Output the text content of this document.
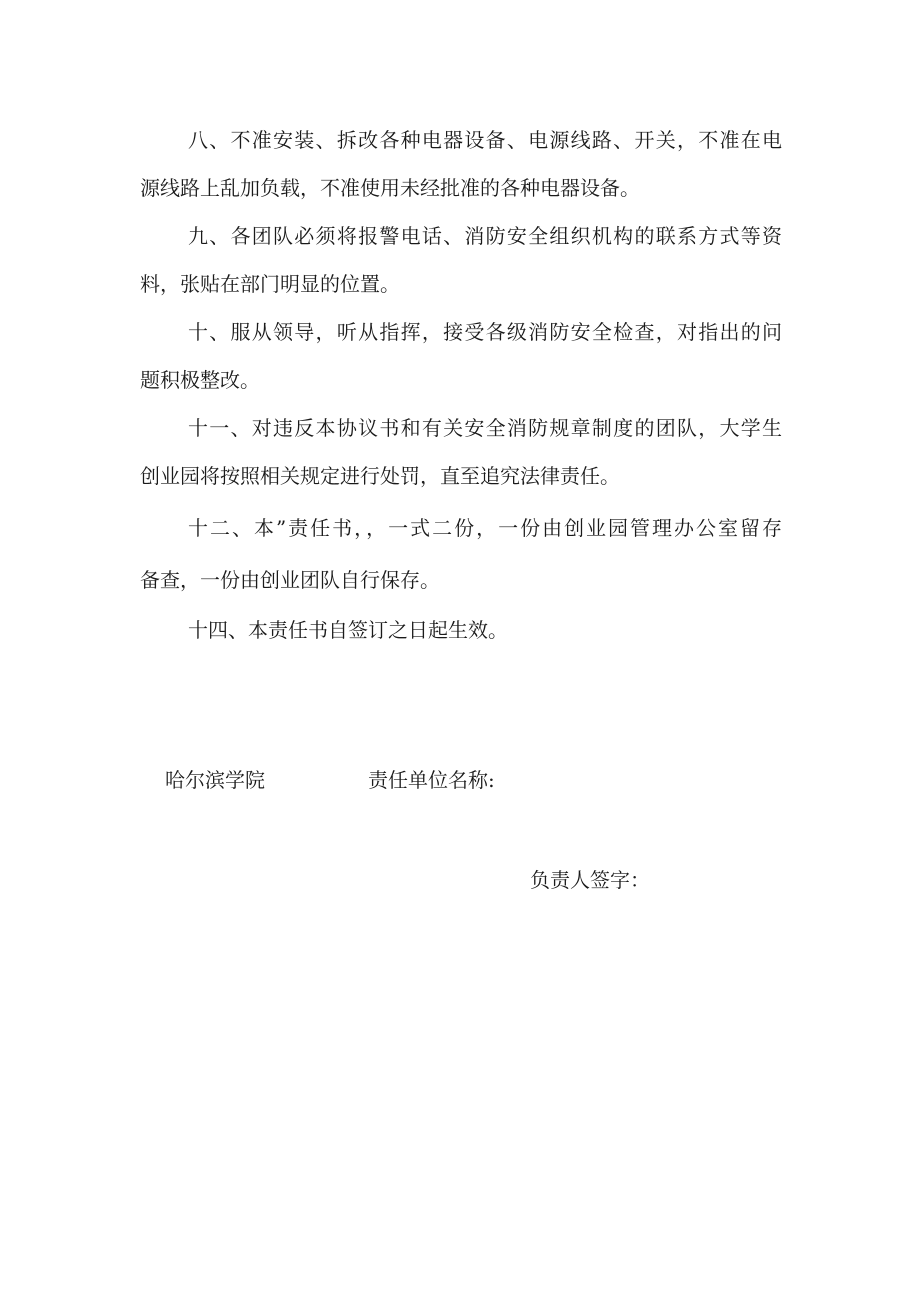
八、不准安装、拆改各种电器设备、电源线路、开关，不准在电

源线路上乱加负载，不准使用未经批准的各种电器设备。

九、各团队必须将报警电话、消防安全组织机构的联系方式等资

料，张贴在部门明显的位置。

十、服从领导，听从指挥，接受各级消防安全检查，对指出的问

题积极整改。

十一、对违反本协议书和有关安全消防规章制度的团队，大学生

创业园将按照相关规定进行处罚，直至追究法律责任。

十二、本”责任书，，一式二份，一份由创业园管理办公室留存

备查，一份由创业团队自行保存。

十四、本责任书自签订之日起生效。

哈尔滨学院	责任单位名称:

负责人签字：
